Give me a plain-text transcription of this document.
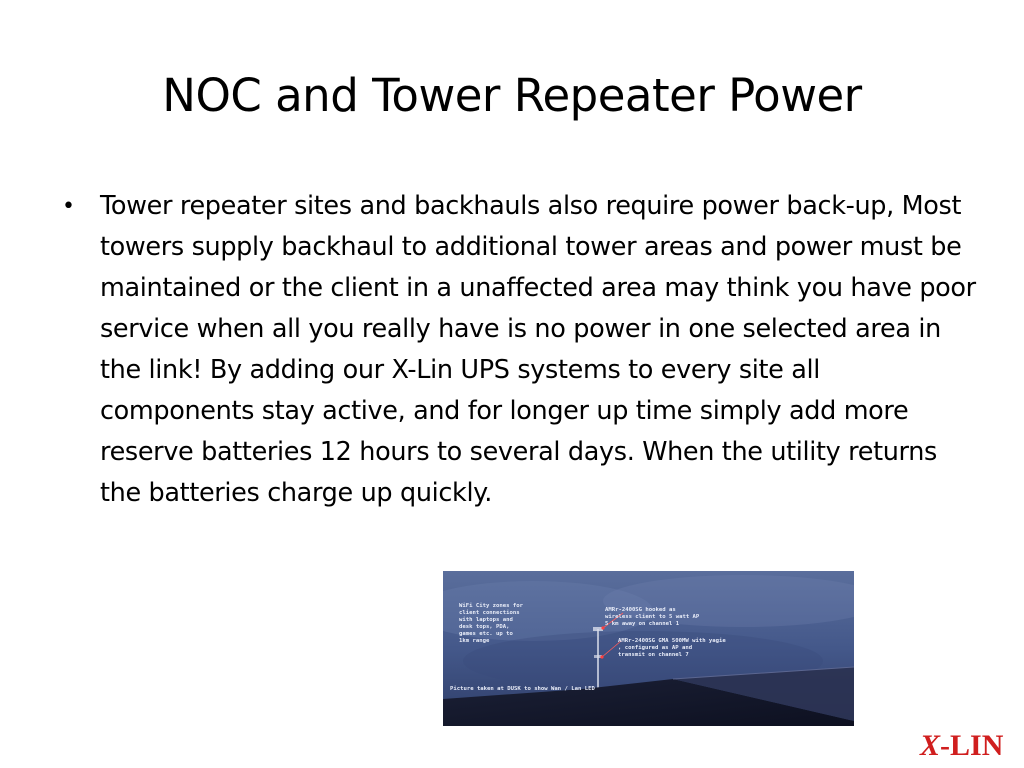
NOC and Tower Repeater Power
• Tower repeater sites and backhauls also require power back-up, Most towers supply backhaul to additional tower areas and power must be maintained or the client in a unaffected area may think you have poor service when all you really have is no power in one selected area in the link! By adding our X-Lin UPS systems to every site all components stay active, and for longer up time simply add more reserve batteries 12 hours to several days. When the utility returns the batteries charge up quickly.
WiFi City zones for
client connections
with laptops and
desk tops, PDA,
games etc. up to
1km range
AMRr-2400SG hooked as
wireless client to 5 watt AP
5 km away on channel 1
AMRr-2400SG GMA 500MW with yagie
, configured as AP and
transmit on channel 7
Picture taken at DUSK to show Wan / Lan LED
X-LIN
